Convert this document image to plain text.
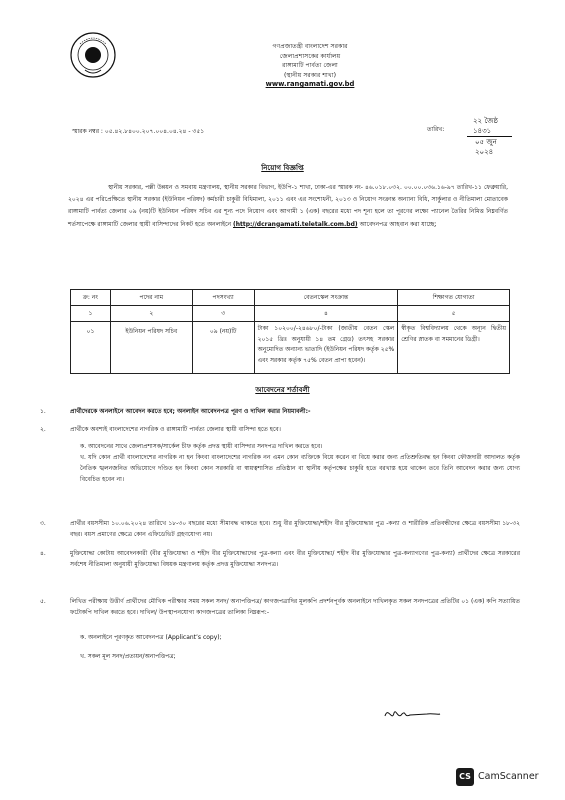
গণপ্রজাতন্ত্রী বাংলাদেশ সরকার
জেলাপ্রশাসকের কার্যালয়
রাঙ্গামাটি পার্বত্য জেলা
(স্থানীয় সরকার শাখা)
www.rangamati.gov.bd
স্মারক নম্বর : ০৫.৪২.৮৪০০.২০৭.০০৪.০৪.২৪ - ৩৫১	তারিখ:
২২ জৈষ্ঠ ১৪৩১
০৫ জুন ২০২৪
নিয়োগ বিজ্ঞপ্তি
স্থানীয় সরকার, পল্লী উন্নয়ন ও সমবায় মন্ত্রণালয়, স্থানীয় সরকার বিভাগ, ইউপি-১ শাখা, ঢাকা-এর স্মারক নং- ৪৬.০১৮.০৩২. ০০.০০.০৩৬.১৬-৯৭ তারিখ-১১ ফেব্রুয়ারি, ২০২৪ এর পরিপ্রেক্ষিতে স্থানীয় সরকার (ইউনিয়ন পরিষদ) কর্মচারী চাকুরী বিধিমালা, ২০১১ এবং এর সংশোধনী, ২০১৩ ও নিয়োগ সংক্রান্ত অন্যান্য বিধি, সার্কুলার ও নীতিমালা মোতাবেক রাঙ্গামাটি পার্বত্য জেলার ০৯ (নয়)টি ইউনিয়ন পরিষদ সচিব এর শূন্য পদে নিয়োগ এবং আগামী ১ (এক) বছরের মধ্যে পদ শূন্য হলে তা পূরণের লক্ষ্যে প্যানেল তৈরির নিমিত্ত নিম্নবর্ণিত শর্তসাপেক্ষে রাঙ্গামাটি জেলার স্থায়ী বাসিন্দাদের নিকট হতে অনলাইনে (http://dcrangamati.teletalk.com.bd) আবেদনপত্র আহবান করা যাচ্ছে;
ক্র: নং	পদের নাম	পদসংখ্যা	বেতনস্কেল সংক্রান্ত	শিক্ষাগত যোগ্যতা
১	২	৩	৪	৫
০১	ইউনিয়ন পরিষদ সচিব	০৯ (নয়)টি	টাকা ১০২০০/-২৪৬৮০/-টাকা (জাতীয় বেতন স্কেল ২০১৫ খ্রিঃ অনুযায়ী ১৪ তম গ্রেড) তৎসহ সরকার অনুমোদিত অন্যান্য ভাতাদি (ইউনিয়ন পরিষদ কর্তৃক ২৫% এবং সরকার কর্তৃক ৭৫% বেতন প্রাপ্য হবেন)।	স্বীকৃত বিশ্ববিদ্যালয় থেকে অন্যূন দ্বিতীয় শ্রেণির স্নাতক বা সমমানের ডিগ্রী।
আবেদনের শর্তাবলী
১.	প্রার্থীদেরকে অনলাইনে আবেদন করতে হবে; অনলাইন আবেদনপত্র পূরণ ও দাখিল করার নিয়মাবলী:-
২.	প্রার্থীকে অবশ্যই বাংলাদেশের নাগরিক ও রাঙ্গামাটি পার্বত্য জেলার স্থায়ী বাসিন্দা হতে হবে।
ক. আবেদনের সাথে জেলাপ্রশাসক/সার্কেল চীফ কর্তৃক প্রদত্ত স্থায়ী বাসিন্দার সনদপত্র দাখিল করতে হবে।
খ. যদি কোন প্রার্থী বাংলাদেশের নাগরিক না হন কিংবা বাংলাদেশের নাগরিক নন এমন কোন ব্যক্তিকে বিয়ে করেন বা বিয়ে করার জন্য প্রতিশ্রুতিবদ্ধ হন কিংবা ফৌজদারী আদালত কর্তৃক নৈতিক স্খলনজনিত অভিযোগে দণ্ডিত হন কিংবা কোন সরকারি বা স্বায়ত্বশাসিত প্রতিষ্ঠান বা স্থানীয় কর্তৃপক্ষের চাকুরি হতে বরখাস্ত হয়ে থাকেন তবে তিনি আবেদন করার জন্য যোগ্য বিবেচিত হবেন না।
৩.	প্রার্থীর বয়সসীমা ১০.০৬.২০২৪ তারিখে ১৮-৩০ বছরের মধ্যে সীমাবদ্ধ থাকতে হবে। শুধু বীর মুক্তিযোদ্ধা/শহীদ বীর মুক্তিযোদ্ধার পুত্র -কন্যা ও শারীরিক প্রতিবন্ধীদের ক্ষেত্রে বয়সসীমা ১৮-৩২ বছর। বয়স প্রমাণের ক্ষেত্রে কোন এফিডেভিট গ্রহণযোগ্য নয়।
৪.	মুক্তিযোদ্ধা কোটায় আবেদনকারী (বীর মুক্তিযোদ্ধা ও শহীদ বীর মুক্তিযোদ্ধাদের পুত্র-কন্যা এবং বীর মুক্তিযোদ্ধা/ শহীদ বীর মুক্তিযোদ্ধার পুত্র-কন্যাগণের পুত্র-কন্যা) প্রার্থীদের ক্ষেত্রে সরকারের সর্বশেষ নীতিমালা অনুযায়ী মুক্তিযোদ্ধা বিষয়ক মন্ত্রণালয় কর্তৃক প্রদত্ত মুক্তিযোদ্ধা সনদপত্র।
৫.	লিখিত পরীক্ষায় উত্তীর্ণ প্রার্থীদের মৌখিক পরীক্ষার সময় সকল সনদ/ অনাপত্তিপত্র/ কাগজপত্রাদির মূলকপি প্রদর্শনপূর্বক অনলাইনে দাখিলকৃত সকল সনদপত্রের প্রতিটির ০১ (এক) কপি সত্যায়িত ফটোকপি দাখিল করতে হবে। দাখিল/ উপস্থাপনযোগ্য কাগজপত্রের তালিকা নিম্নরূপ:-
ক. অনলাইনে পূরণকৃত আবেদনপত্র (Applicant’s copy);
খ. সকল মূল সনদ/প্রত্যয়ন/অনাপত্তিপত্র;
CS CamScanner
